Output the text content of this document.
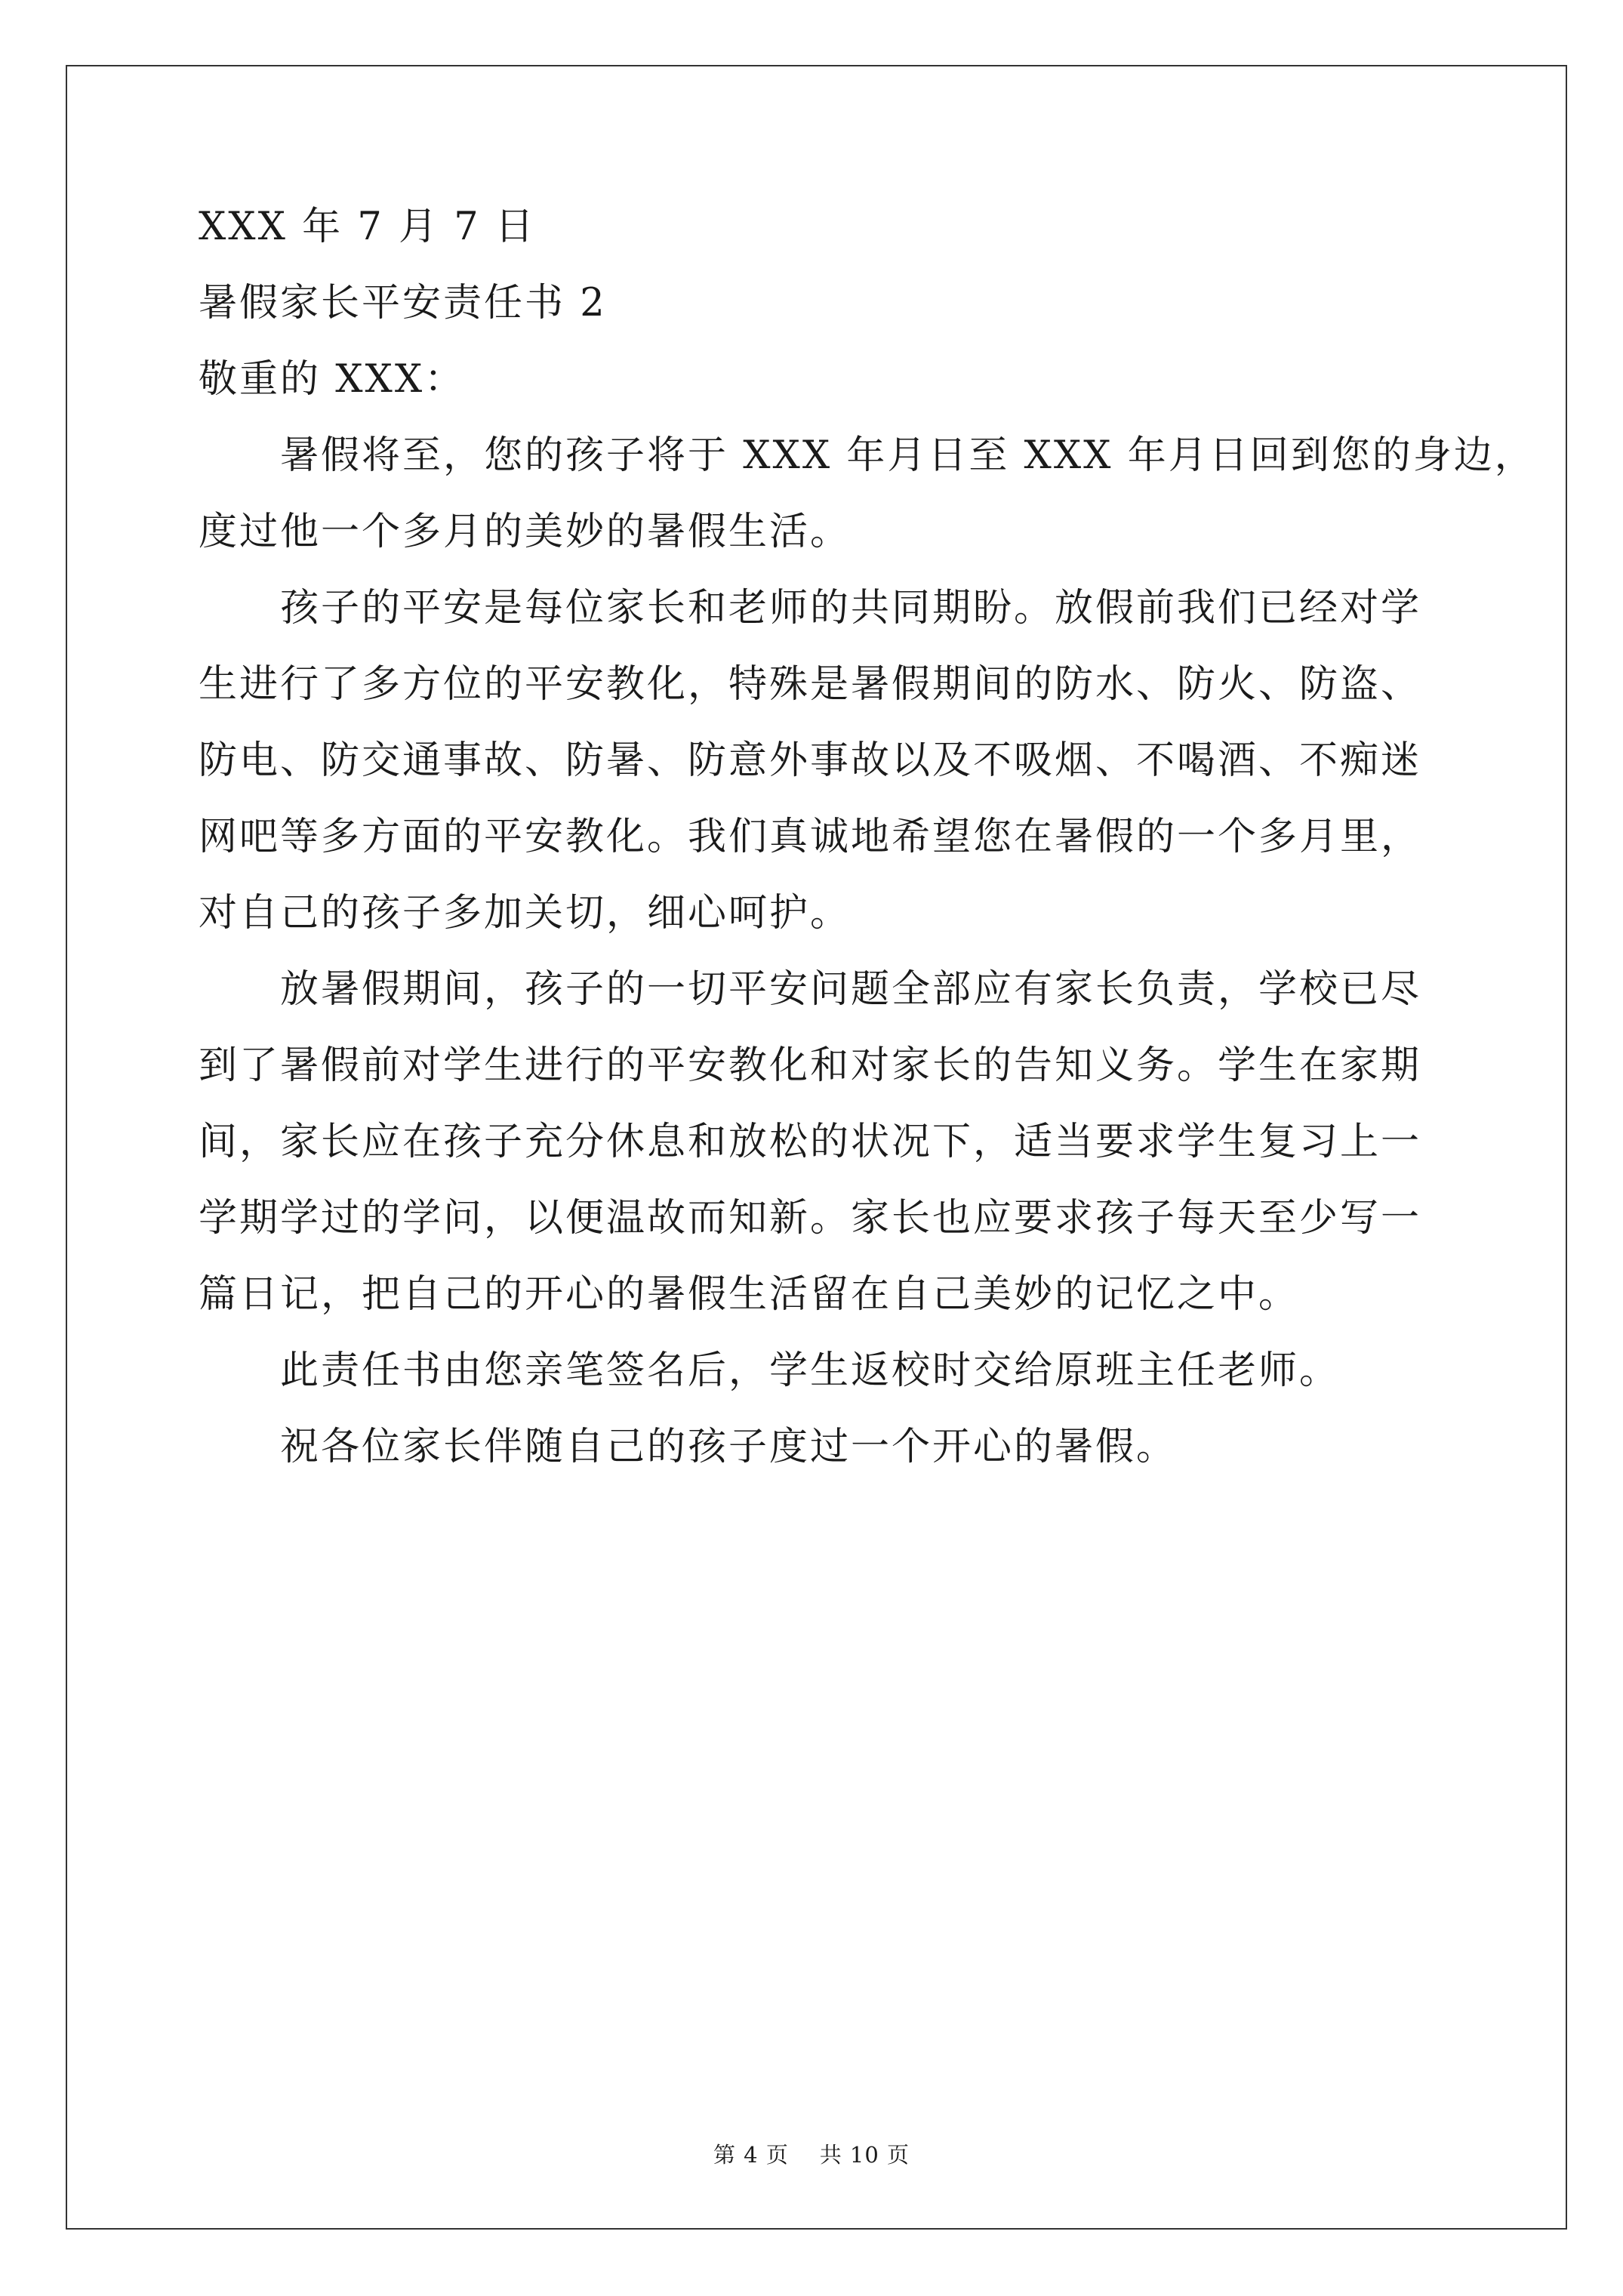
XXX 年 7 月 7 日

暑假家长平安责任书 2

敬重的 XXX：

暑假将至，您的孩子将于 XXX 年月日至 XXX 年月日回到您的身边，

度过他一个多月的美妙的暑假生活。

孩子的平安是每位家长和老师的共同期盼。放假前我们已经对学

生进行了多方位的平安教化，特殊是暑假期间的防水、防火、防盗、

防电、防交通事故、防暑、防意外事故以及不吸烟、不喝酒、不痴迷

网吧等多方面的平安教化。我们真诚地希望您在暑假的一个多月里，

对自己的孩子多加关切，细心呵护。

放暑假期间，孩子的一切平安问题全部应有家长负责，学校已尽

到了暑假前对学生进行的平安教化和对家长的告知义务。学生在家期

间，家长应在孩子充分休息和放松的状况下，适当要求学生复习上一

学期学过的学问，以便温故而知新。家长也应要求孩子每天至少写一

篇日记，把自己的开心的暑假生活留在自己美妙的记忆之中。

此责任书由您亲笔签名后，学生返校时交给原班主任老师。

祝各位家长伴随自己的孩子度过一个开心的暑假。

第 4 页    共 10 页
